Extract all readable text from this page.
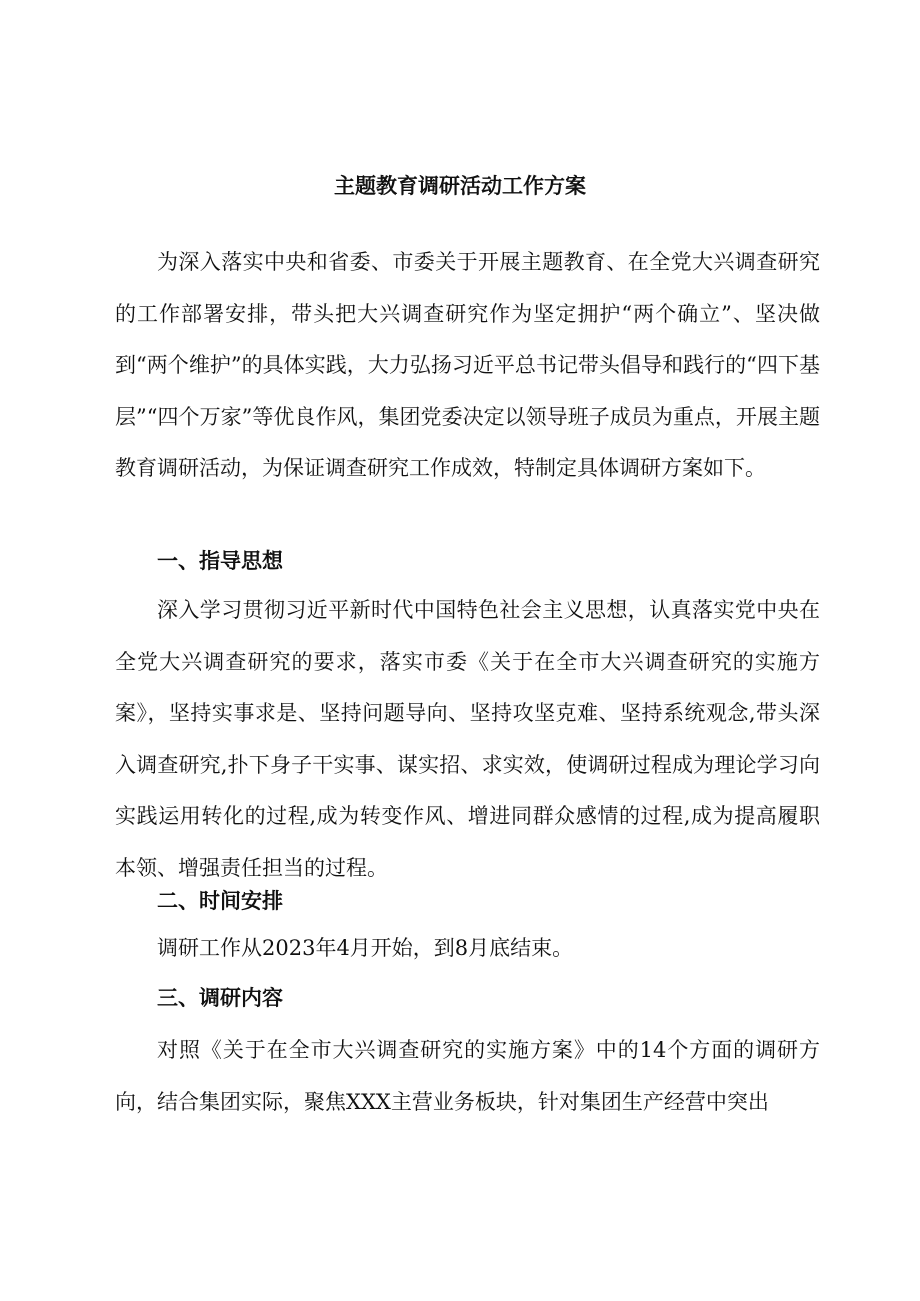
主题教育调研活动工作方案

为深入落实中央和省委、市委关于开展主题教育、在全党大兴调查研究的工作部署安排，带头把大兴调查研究作为坚定拥护“两个确立”、坚决做到“两个维护”的具体实践，大力弘扬习近平总书记带头倡导和践行的“四下基层”“四个万家”等优良作风，集团党委决定以领导班子成员为重点，开展主题教育调研活动，为保证调查研究工作成效，特制定具体调研方案如下。

一、指导思想

深入学习贯彻习近平新时代中国特色社会主义思想，认真落实党中央在全党大兴调查研究的要求，落实市委《关于在全市大兴调查研究的实施方案》，坚持实事求是、坚持问题导向、坚持攻坚克难、坚持系统观念,带头深入调查研究,扑下身子干实事、谋实招、求实效，使调研过程成为理论学习向实践运用转化的过程,成为转变作风、增进同群众感情的过程,成为提高履职本领、增强责任担当的过程。

二、时间安排

调研工作从2023年4月开始，到8月底结束。

三、调研内容

对照《关于在全市大兴调查研究的实施方案》中的14个方面的调研方向，结合集团实际，聚焦XXX主营业务板块，针对集团生产经营中突出
